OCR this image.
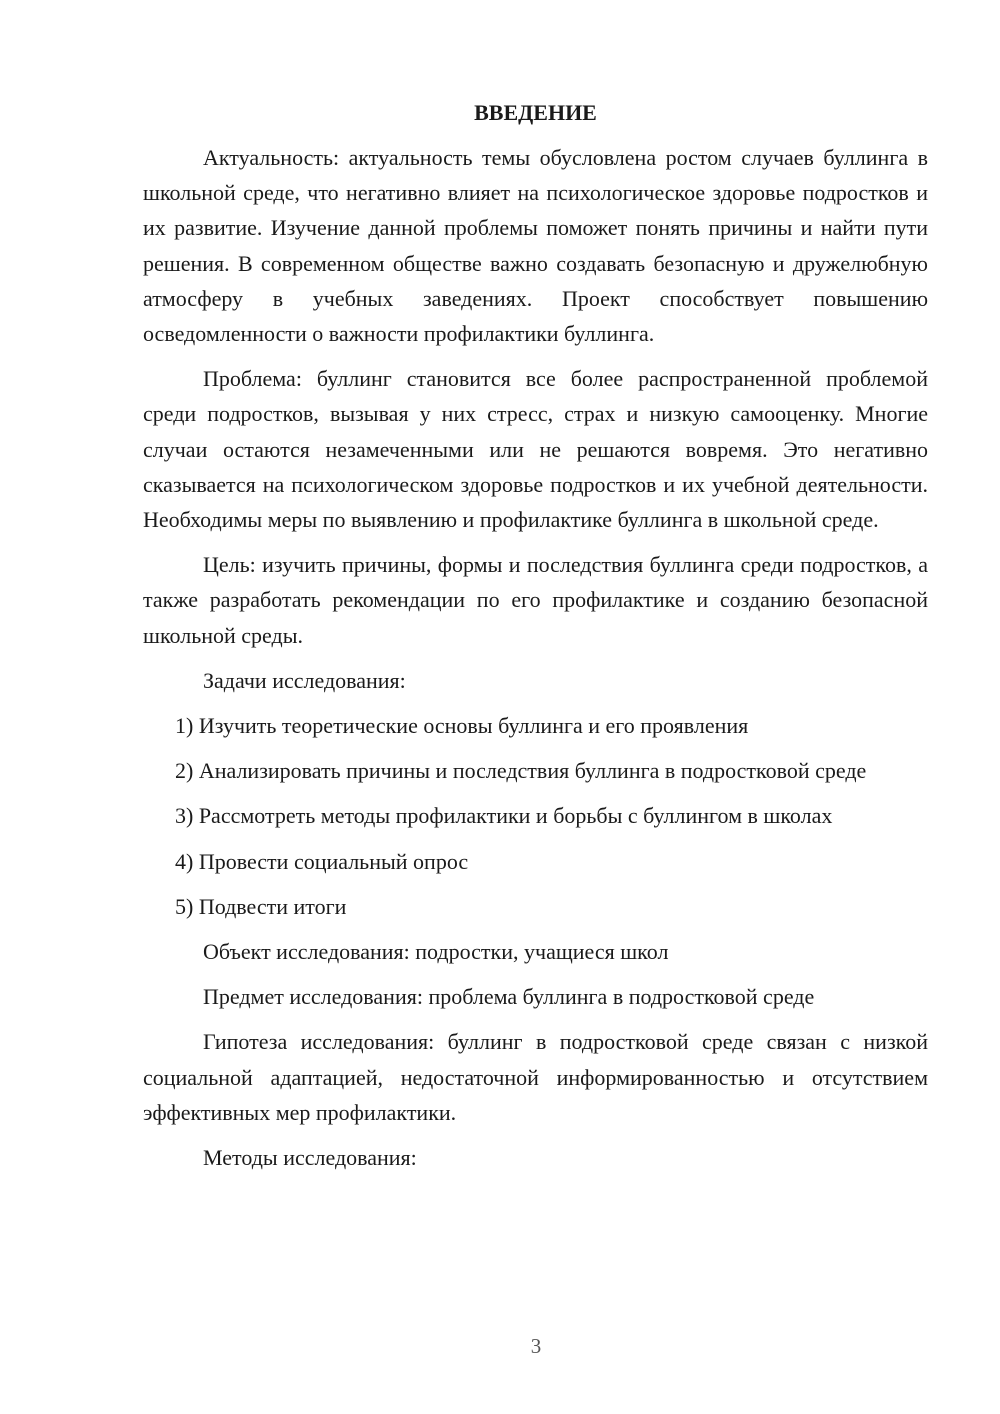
ВВЕДЕНИЕ

Актуальность: актуальность темы обусловлена ростом случаев буллинга в школьной среде, что негативно влияет на психологическое здоровье подростков и их развитие. Изучение данной проблемы поможет понять причины и найти пути решения. В современном обществе важно создавать безопасную и дружелюбную атмосферу в учебных заведениях. Проект способствует повышению осведомленности о важности профилактики буллинга.

Проблема: буллинг становится все более распространенной проблемой среди подростков, вызывая у них стресс, страх и низкую самооценку. Многие случаи остаются незамеченными или не решаются вовремя. Это негативно сказывается на психологическом здоровье подростков и их учебной деятельности. Необходимы меры по выявлению и профилактике буллинга в школьной среде.

Цель: изучить причины, формы и последствия буллинга среди подростков, а также разработать рекомендации по его профилактике и созданию безопасной школьной среды.

Задачи исследования:

1) Изучить теоретические основы буллинга и его проявления

2) Анализировать причины и последствия буллинга в подростковой среде

3) Рассмотреть методы профилактики и борьбы с буллингом в школах

4) Провести социальный опрос

5) Подвести итоги

Объект исследования: подростки, учащиеся школ

Предмет исследования: проблема буллинга в подростковой среде

Гипотеза исследования: буллинг в подростковой среде связан с низкой социальной адаптацией, недостаточной информированностью и отсутствием эффективных мер профилактики.

Методы исследования:

3
